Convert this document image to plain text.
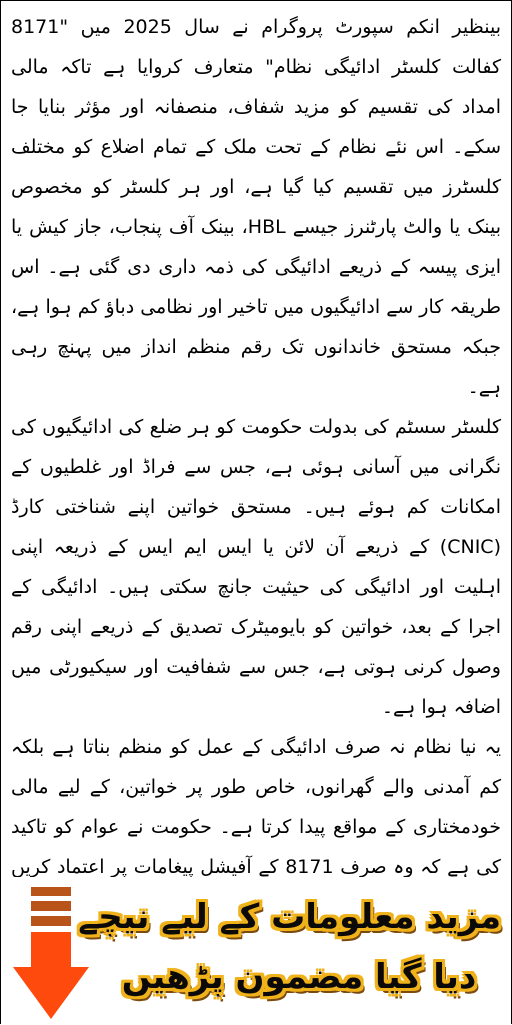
بینظیر انکم سپورٹ پروگرام نے سال 2025 میں "8171 کفالت کلسٹر ادائیگی نظام" متعارف کروایا ہے تاکہ مالی امداد کی تقسیم کو مزید شفاف، منصفانہ اور مؤثر بنایا جا سکے۔ اس نئے نظام کے تحت ملک کے تمام اضلاع کو مختلف کلسٹرز میں تقسیم کیا گیا ہے، اور ہر کلسٹر کو مخصوص بینک یا والٹ پارٹنرز جیسے HBL، بینک آف پنجاب، جاز کیش یا ایزی پیسہ کے ذریعے ادائیگی کی ذمہ داری دی گئی ہے۔ اس طریقہ کار سے ادائیگیوں میں تاخیر اور نظامی دباؤ کم ہوا ہے، جبکہ مستحق خاندانوں تک رقم منظم انداز میں پہنچ رہی ہے۔

کلسٹر سسٹم کی بدولت حکومت کو ہر ضلع کی ادائیگیوں کی نگرانی میں آسانی ہوئی ہے، جس سے فراڈ اور غلطیوں کے امکانات کم ہوئے ہیں۔ مستحق خواتین اپنے شناختی کارڈ (CNIC) کے ذریعے آن لائن یا ایس ایم ایس کے ذریعہ اپنی اہلیت اور ادائیگی کی حیثیت جانچ سکتی ہیں۔ ادائیگی کے اجرا کے بعد، خواتین کو بایومیٹرک تصدیق کے ذریعے اپنی رقم وصول کرنی ہوتی ہے، جس سے شفافیت اور سیکیورٹی میں اضافہ ہوا ہے۔

یہ نیا نظام نہ صرف ادائیگی کے عمل کو منظم بناتا ہے بلکہ کم آمدنی والے گھرانوں، خاص طور پر خواتین، کے لیے مالی خودمختاری کے مواقع پیدا کرتا ہے۔ حکومت نے عوام کو تاکید کی ہے کہ وہ صرف 8171 کے آفیشل پیغامات پر اعتماد کریں

مزید معلومات کے لیے نیچے
دیا گیا مضمون پڑھیں
